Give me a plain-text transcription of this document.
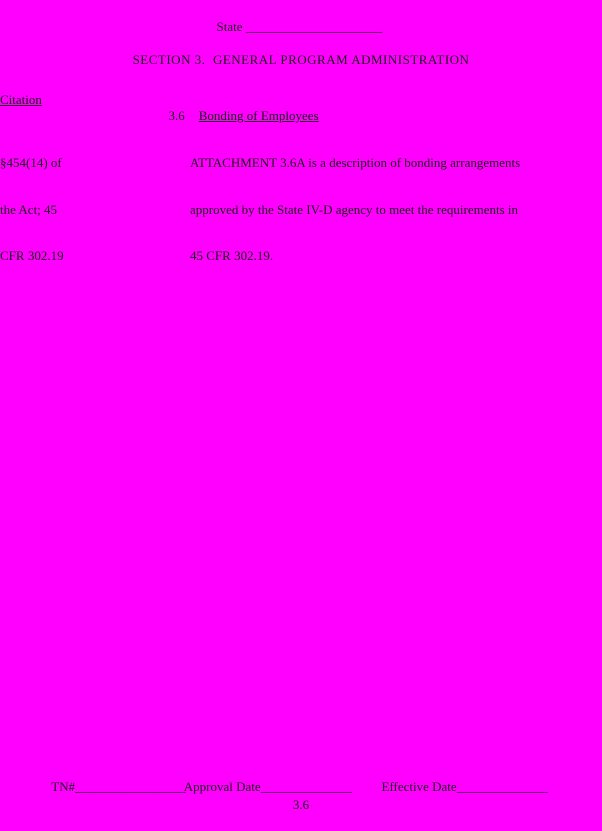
State _____________________

SECTION 3.  GENERAL PROGRAM ADMINISTRATION
Citation

3.6 Bonding of Employees

§454(14) of

the Act; 45

CFR 302.19

ATTACHMENT 3.6A is a description of bonding arrangements

approved by the State IV-D agency to meet the requirements in

45 CFR 302.19.

TN#_________________

Approval Date______________	Effective Date______________

3.6
